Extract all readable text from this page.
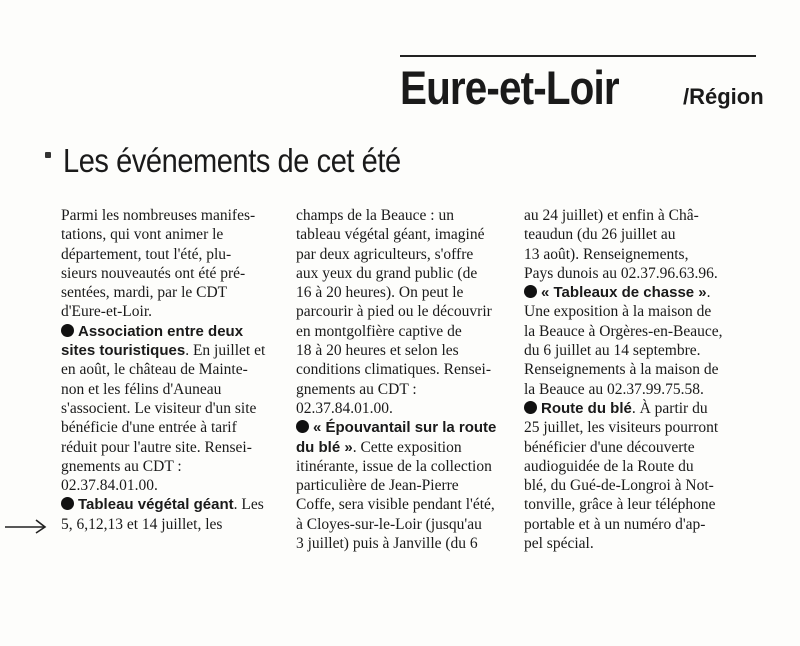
Eure-et-Loir	/Région
Les événements de cet été
Parmi les nombreuses manifes-
tations, qui vont animer le
département, tout l'été, plu-
sieurs nouveautés ont été pré-
sentées, mardi, par le CDT
d'Eure-et-Loir.
Association entre deux
sites touristiques. En juillet et
en août, le château de Mainte-
non et les félins d'Auneau
s'associent. Le visiteur d'un site
bénéficie d'une entrée à tarif
réduit pour l'autre site. Rensei-
gnements au CDT :
02.37.84.01.00.
Tableau végétal géant. Les
5, 6,12,13 et 14 juillet, les
champs de la Beauce : un
tableau végétal géant, imaginé
par deux agriculteurs, s'offre
aux yeux du grand public (de
16 à 20 heures). On peut le
parcourir à pied ou le découvrir
en montgolfière captive de
18 à 20 heures et selon les
conditions climatiques. Rensei-
gnements au CDT :
02.37.84.01.00.
« Épouvantail sur la route
du blé ». Cette exposition
itinérante, issue de la collection
particulière de Jean-Pierre
Coffe, sera visible pendant l'été,
à Cloyes-sur-le-Loir (jusqu'au
3 juillet) puis à Janville (du 6
au 24 juillet) et enfin à Châ-
teaudun (du 26 juillet au
13 août). Renseignements,
Pays dunois au 02.37.96.63.96.
« Tableaux de chasse ».
Une exposition à la maison de
la Beauce à Orgères-en-Beauce,
du 6 juillet au 14 septembre.
Renseignements à la maison de
la Beauce au 02.37.99.75.58.
Route du blé. À partir du
25 juillet, les visiteurs pourront
bénéficier d'une découverte
audioguidée de la Route du
blé, du Gué-de-Longroi à Not-
tonville, grâce à leur téléphone
portable et à un numéro d'ap-
pel spécial.
